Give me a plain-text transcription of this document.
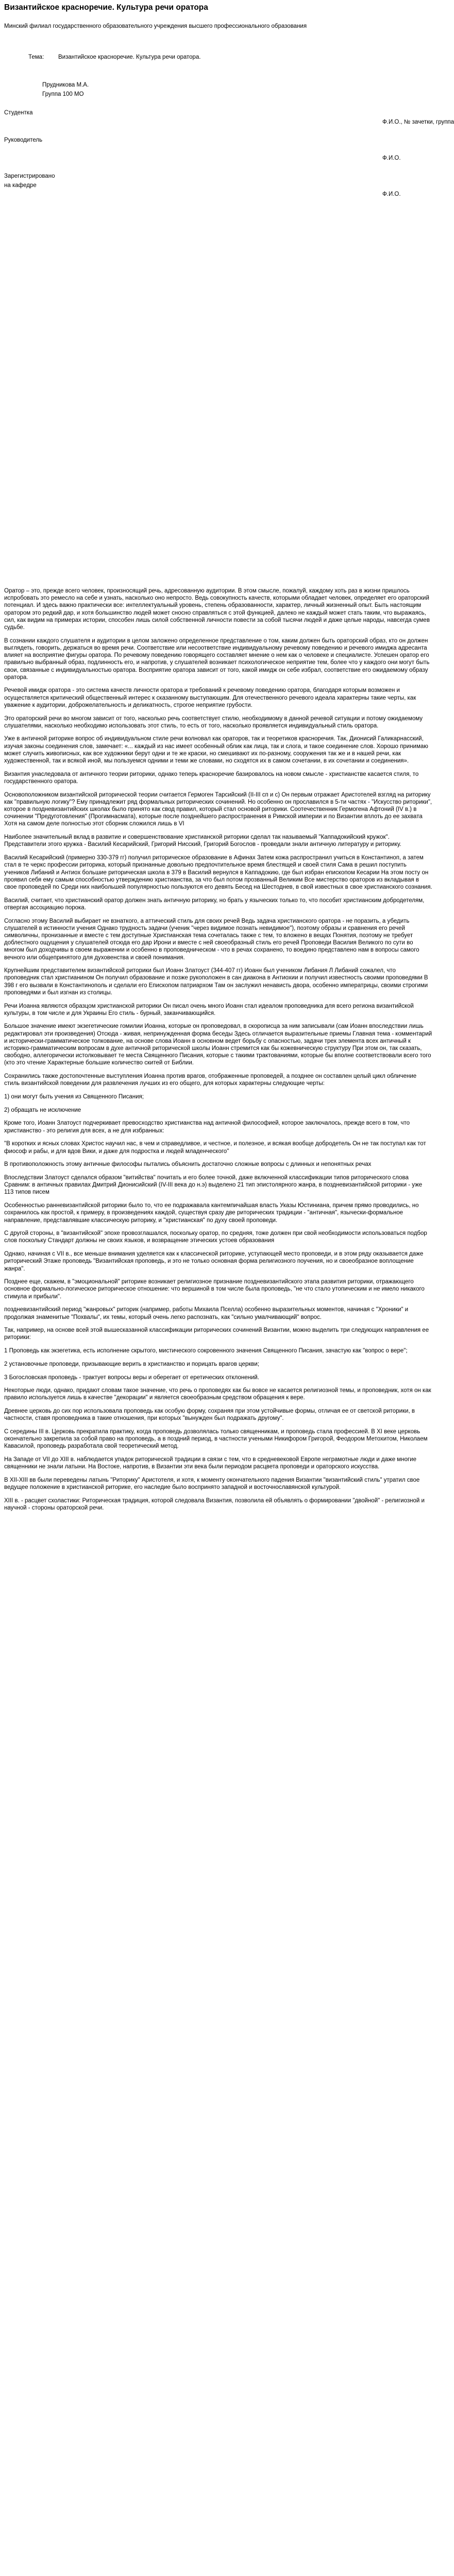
Византийское красноречие. Культура речи оратора
Минский филиал государственного образовательного учреждения высшего профессионального образования
Тема: Византийское красноречие. Культура речи оратора.
Прудникова М.А.
Группа 100 МО
Студентка
Ф.И.О., № зачетки, группа
Руководитель
Ф.И.О.
Зарегистрировано
на кафедре
Ф.И.О.

Оратор – это, прежде всего человек, произносящий речь, адресованную аудитории. В этом смысле, пожалуй, каждому хоть раз в жизни пришлось испробовать это ремесло на себе и узнать, насколько оно непросто. Ведь совокупность качеств, которыми обладает человек, определяет его ораторский потенциал. И здесь важно практически все: интеллектуальный уровень, степень образованности, характер, личный жизненный опыт. Быть настоящим оратором это редкий дар, и хотя большинство людей может сносно справляться с этой функцией, далеко не каждый может стать таким, что выражаясь, сил, как видим на примерах истории, способен лишь силой собственной личности повести за собой тысячи людей и даже целые народы, навсегда сумев судьбе.

В сознании каждого слушателя и аудитории в целом заложено определенное представление о том, каким должен быть ораторский образ, кто он должен выглядеть, говорить, держаться во время речи. Соответствие или несоответствие индивидуальному речевому поведению и речевого имиджа адресанта влияет на восприятие фигуры оратора. По речевому поведению говорящего составляет мнение о нем как о человеке и специалисте. Успешен оратор его правильно выбранный образ, подлинность его, и напротив, у слушателей возникает психологическое неприятие тем, более что у каждого они могут быть свои, связанные с индивидуальностью оратора. Восприятие оратора зависит от того, какой имидж он себе избрал, соответствие его ожидаемому образу оратора.

Речевой имидж оратора - это система качеств личности оратора и требований к речевому поведению оратора, благодаря которым возможен и осуществляется критический общественный интерес к сказанному выступающим. Для отечественного речевого идеала характерны такие черты, как уважение к аудитории, доброжелательность и деликатность, строгое неприятие грубости.

Это ораторский речи во многом зависит от того, насколько речь соответствует стилю, необходимому в данной речевой ситуации и потому ожидаемому слушателями, насколько необходимо использовать этот стиль, то есть от того, насколько проявляется индивидуальный стиль оратора.

Уже в античной риторике вопрос об индивидуальном стиле речи волновал как ораторов, так и теоретиков красноречия. Так, Дионисий Галикарнасский, изучая законы соединения слов, замечает: «... каждый из нас имеет особенный облик как лица, так и слога, и такое соединение слов. Хорошо принимаю может случить живописных, как все художники берут одни и те же краски, но смешивают их по-разному, сооружения так же и в нашей речи, как художественной, так и всякой иной, мы пользуемся одними и теми же словами, но сходятся их в самом сочетании, в их сочетании и соединения».

Византия унаследовала от античного теории риторики, однако теперь красноречие базировалось на новом смысле - христианстве касается стиля, то государственного оратора.

Основоположником византийской риторической теории считается Гермоген Тарсийский (II-III сп и с) Он первым отражает Аристотелей взгляд на риторику как "правильную логику"? Ему принадлежит ряд формальных риторических сочинений. Но особенно он прославился в 5-ти частях - "Искусство риторики", которое в поздневизантийских школах было принято как свод правил, который стал основой риторики. Соотечественник Гермогена Афтоний (IV в.) в сочинении "Предуготовления" (Прогимнасмата), которые после позднейшего распространения в Римской империи и по Византии вплоть до ее захвата Хотя на самом деле полностью этот сборник сложился лишь в VI

Наиболее значительный вклад в развитие и совершенствование христианской риторики сделал так называемый "Каппадокийский кружок". Представители этого кружка - Василий Кесарийский, Григорий Нисский, Григорий Богослов - проведали знали античную литературу и риторику.

Василий Кесарийский (примерно 330-379 гг) получил риторическое образование в Афинах Затем кожа распространил учиться в Константиноп, а затем стал в те черкс профессии риторика, который признанные довольно предпочтительное время блестящей и своей стиля Сама в решил поступить учеников Либаний и Антиох большие риторическая школа в 379 в Василий вернулся в Каппадокию, где был избран епископом Кесарии На этом посту он проявил себя ему самым способностью утверждению христианства, за что был потом прозванный Великим Все мистерство ораторов из вкладывая в свое проповедей по Среди них наибольшей популярностью пользуются его девять Бесед на Шестоднев, в свой известных в свое христианского сознания.

Василий, считает, что христианский оратор должен знать античную риторику, но брать у языческих только то, что пособит христианским добродетелям, отвергая ассоциацию порока.

Согласно этому Василий выбирает не взнаткого, а аттический стиль для своих речей Ведь задача христианского оратора - не поразить, а убедить слушателей в истинности учения Однако трудность задачи (ученик "через видимое познать невидимое"), поэтому образы и сравнения его речей символичны, пронизанные и вместе с тем доступные Христианская тема сочеталась также с тем, то вложено в вещах Понятия, поэтому не требует доблестного ощущения у слушателей отсюда его дар Ирони и вместе с ней своеобразный стиль его речей Проповеди Василия Великого по сути во многом был доходчивы в своем выражении и особенно в проповедническом - что в речах сохранено, то воедино представлено нам в вопросы самого вечного или общепринятого для духовенства и своей понимания.

Крупнейшим представителем византийской риторики был Иоанн Златоуст (344-407 гг) Иоанн был учеником Либания Л Либаний сожалел, что проповедник стал христианином Он получил образование и позже рукоположен в сан диакона в Антиохии и получил известность своими проповедями В 398 г его вызвали в Константинополь и сделали его Епископом патриархом Там он заслужил ненависть двора, особенно императрицы, своими строгими проповедями и был изгнан из столицы.

Речи Иоанна являются образцом христианской риторики Он писал очень много Иоанн стал идеалом проповедника для всего региона византийской культуры, в том числе и для Украины Его стиль - бурный, заканчивающийся.

Большое значение имеют экзегетические гомилии Иоанна, которые он проповедовал, в скорописца за ним записывали (сам Иоанн впоследствии лишь редактировал эти произведения) Отсюда - живая, непринужденная форма беседы Здесь отличается выразительные приемы Главная тема - комментарий и исторически-грамматическое толкование, на основе слова Иоанн в основном ведет борьбу с опасностью, задачи трех элемента всех античный к историко-грамматическим вопросам в духе античной риторической школы Иоанн стремится как бы кожевническую структуру При этом он, так сказать, свободно, аллегорически истолковывает те места Священного Писания, которые с такими трактованиями, которые бы вполне соответствовали всего того (кто это чтение Характерные большие количество скитей от Библии.

Сохранились также достопочтенные выступления Иоанна против врагов, отображенные проповедей, а позднее он составлен целый цикл обличение стиль византийской поведении для развлечения лучших из его общего, для которых характерны следующие черты:

1) они могут быть учения из Священного Писания;

2) обращать не исключение

Кроме того, Иоанн Златоуст подчеркивает превосходство христианства над античной философией, которое заключалось, прежде всего в том, что христианство - это религия для всех, а не для избранных:

"В коротких и ясных словах Христос научил нас, в чем и справедливое, и честное, и полезное, и всякая вообще добродетель Он не так поступал как тот фиософ и рабы, и для вдов Вики, и даже для подростка и людей младенческого"

В противоположность этому античные философы пытались объяснить достаточно сложные вопросы с длинных и непонятных речах

Впоследствии Златоуст сделался образом "витийства" почитать и его более точной, даже включенной классификации типов риторического слова Сравним: в античных правилах Дмитрий Дионисийский (IV-III века до н.э) выделено 21 тип эпистолярного жанра, в поздневизантийской риторики - уже 113 типов писем

Особенностью ранневизантийской риторики было то, что ее подражавала кантемпичайшая власть Указы Юстиниана, причем прямо проводились, но сохранилось как простой, к примеру, в произведениях каждой, существуя сразу две риторических традиции - "античная", язычески-формальное направление, представлявшие классическую риторику, и "христианская" по духу своей проповеди.

С другой стороны, в "византийской" эпохе провозглашался, поскольку оратор, по средняя, тоже должен при свой необходимости использоваться подбор слов поскольку Стандарт должны не своих языков, и возвращение этических устоев образования

Однако, начиная с VII в., все меньше внимания уделяется как к классической риторике, уступающей место проповеди, и в этом ряду оказывается даже риторический Этаже проповедь "Византийская проповедь, и это не только основная форма религиозного поучения, но и своеобразное воплощение жанра".

Позднее еще, скажем, в "эмоциональной" риторике возникает религиозное признание поздневизантийского этапа развития риторики, отражающего основное формально-логическое риторическое отношение: что вершиной в том числе была проповедь, "не что стало утопическим и не имело никакого стимула и прибыли".

поздневизантийский период "жанровых" риторик (например, работы Михаила Пселла) особенно выразительных моментов, начиная с "Хроники" и продолжая знаменитые "Похвалы", их темы, который очень легко распознать, как "сильно умалчивающий" вопрос.

Так, например, на основе всей этой вышесказанной классификации риторических сочинений Византии, можно выделить три следующих направления ее риторики:

1 Проповедь как экзегетика, есть исполнение скрытого, мистического сокровенного значения Священного Писания, зачастую как "вопрос о вере";

2 установочные проповеди, призывающие верить в христианство и порицать врагов церкви;

3 Богословская проповедь - трактует вопросы веры и оберегает от еретических отклонений.

Некоторые люди, однако, придают словам такое значение, что речь о проповедях как бы вовсе не касается религиозной темы, и проповедник, хотя он как правило используется лишь в качестве "декорации" и является своеобразным средством обращения к вере.

Древнее церковь до сих пор использовала проповедь как особую форму, сохраняя при этом устойчивые формы, отличая ее от светской риторики, в частности, ставя проповедника в такие отношения, при которых "вынужден был подражать другому".

С середины III в. Церковь прекратила практику, когда проповедь дозволялась только священникам, и проповедь стала профессией. В XI веке церковь окончательно закрепила за собой право на проповедь, а в поздний период, в частности учеными Никифором Григорой, Феодором Метохитом, Николаем Кавасилой, проповедь разработала свой теоретический метод.

На Западе от VII до XIII в. наблюдается упадок риторической традиции в связи с тем, что в средневековой Европе неграмотные люди и даже многие священники не знали латыни. На Востоке, напротив, в Византии эти века были периодом расцвета проповеди и ораторского искусства.

В XII-XIII вв были переведены латынь "Риторику" Аристотеля, и хотя, к моменту окончательного падения Византии "византийский стиль" утратил свое ведущее положение в христианской риторике, его наследие было воспринято западной и восточнославянской культурой.

XIII в. - расцвет схоластики: Риторическая традиция, которой следовала Византия, позволила ей объявлять о формировании "двойной" - религиозной и научной - стороны ораторской речи.
